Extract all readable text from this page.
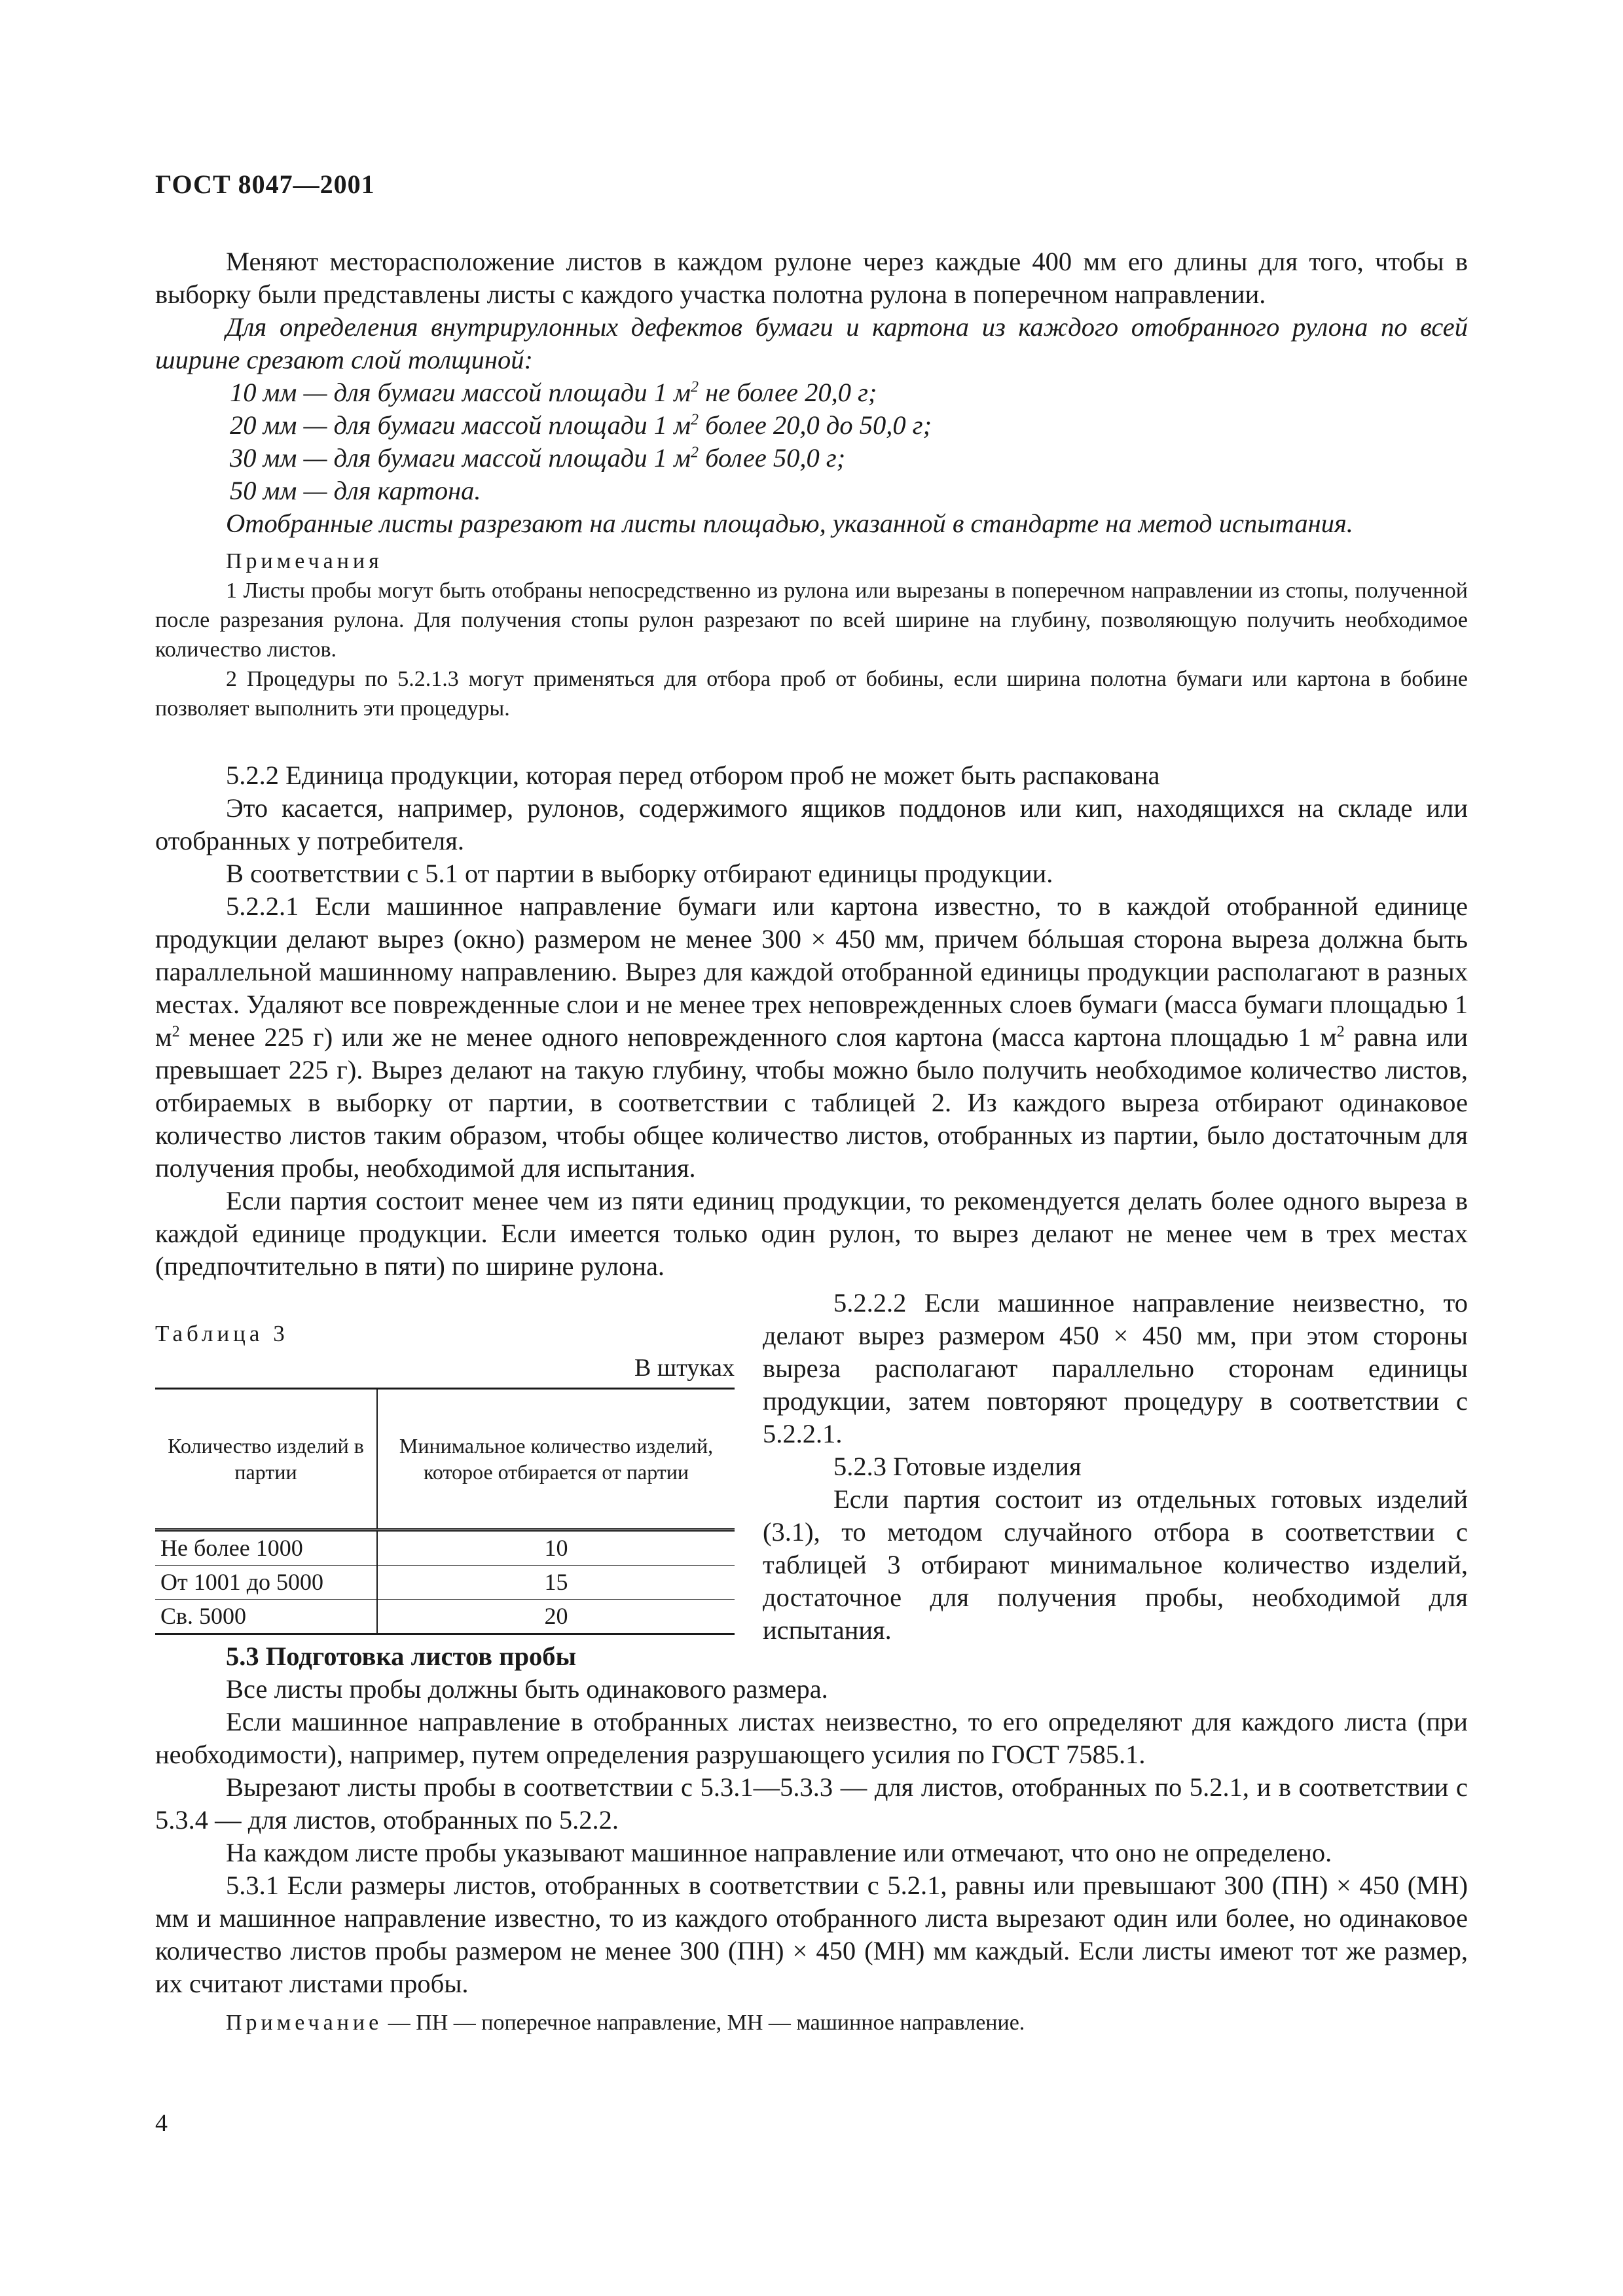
ГОСТ 8047—2001

Меняют месторасположение листов в каждом рулоне через каждые 400 мм его длины для того, чтобы в выборку были представлены листы с каждого участка полотна рулона в поперечном направлении.

Для определения внутрирулонных дефектов бумаги и картона из каждого отобранного рулона по всей ширине срезают слой толщиной:

10 мм — для бумаги массой площади 1 $м^2$ не более 20,0 г;

20 мм — для бумаги массой площади 1 $м^2$ более 20,0 до 50,0 г;

30 мм — для бумаги массой площади 1 $м^2$ более 50,0 г;

50 мм — для картона.

Отобранные листы разрезают на листы площадью, указанной в стандарте на метод испытания.

Примечания

1 Листы пробы могут быть отобраны непосредственно из рулона или вырезаны в поперечном направлении из стопы, полученной после разрезания рулона. Для получения стопы рулон разрезают по всей ширине на глубину, позволяющую получить необходимое количество листов.

2 Процедуры по 5.2.1.3 могут применяться для отбора проб от бобины, если ширина полотна бумаги или картона в бобине позволяет выполнить эти процедуры.

5.2.2 Единица продукции, которая перед отбором проб не может быть распакована

Это касается, например, рулонов, содержимого ящиков поддонов или кип, находящихся на складе или отобранных у потребителя.

В соответствии с 5.1 от партии в выборку отбирают единицы продукции.

5.2.2.1 Если машинное направление бумаги или картона известно, то в каждой отобранной единице продукции делают вырез (окно) размером не менее 300 × 450 мм, причем бóльшая сторона выреза должна быть параллельной машинному направлению. Вырез для каждой отобранной единицы продукции располагают в разных местах. Удаляют все поврежденные слои и не менее трех неповрежденных слоев бумаги (масса бумаги площадью 1 $м^2$ менее 225 г) или же не менее одного неповрежденного слоя картона (масса картона площадью 1 $м^2$ равна или превышает 225 г). Вырез делают на такую глубину, чтобы можно было получить необходимое количество листов, отбираемых в выборку от партии, в соответствии с таблицей 2. Из каждого выреза отбирают одинаковое количество листов таким образом, чтобы общее количество листов, отобранных из партии, было достаточным для получения пробы, необходимой для испытания.

Если партия состоит менее чем из пяти единиц продукции, то рекомендуется делать более одного выреза в каждой единице продукции. Если имеется только один рулон, то вырез делают не менее чем в трех местах (предпочтительно в пяти) по ширине рулона.

Таблица 3
В штуках
Количество изделий в партии	Минимальное количество изделий, которое отбирается от партии
Не более 1000	10
От 1001 до 5000	15
Св. 5000	20

5.2.2.2 Если машинное направление неизвестно, то делают вырез размером 450 × 450 мм, при этом стороны выреза располагают параллельно сторонам единицы продукции, затем повторяют процедуру в соответствии с 5.2.2.1.

5.2.3 Готовые изделия

Если партия состоит из отдельных готовых изделий (3.1), то методом случайного отбора в соответствии с таблицей 3 отбирают минимальное количество изделий, достаточное для получения пробы, необходимой для испытания.

5.3 Подготовка листов пробы

Все листы пробы должны быть одинакового размера.

Если машинное направление в отобранных листах неизвестно, то его определяют для каждого листа (при необходимости), например, путем определения разрушающего усилия по ГОСТ 7585.1.

Вырезают листы пробы в соответствии с 5.3.1—5.3.3 — для листов, отобранных по 5.2.1, и в соответствии с 5.3.4 — для листов, отобранных по 5.2.2.

На каждом листе пробы указывают машинное направление или отмечают, что оно не определено.

5.3.1 Если размеры листов, отобранных в соответствии с 5.2.1, равны или превышают 300 (ПН) × 450 (МН) мм и машинное направление известно, то из каждого отобранного листа вырезают один или более, но одинаковое количество листов пробы размером не менее 300 (ПН) × 450 (МН) мм каждый. Если листы имеют тот же размер, их считают листами пробы.

Примечание — ПН — поперечное направление, МН — машинное направление.

4
